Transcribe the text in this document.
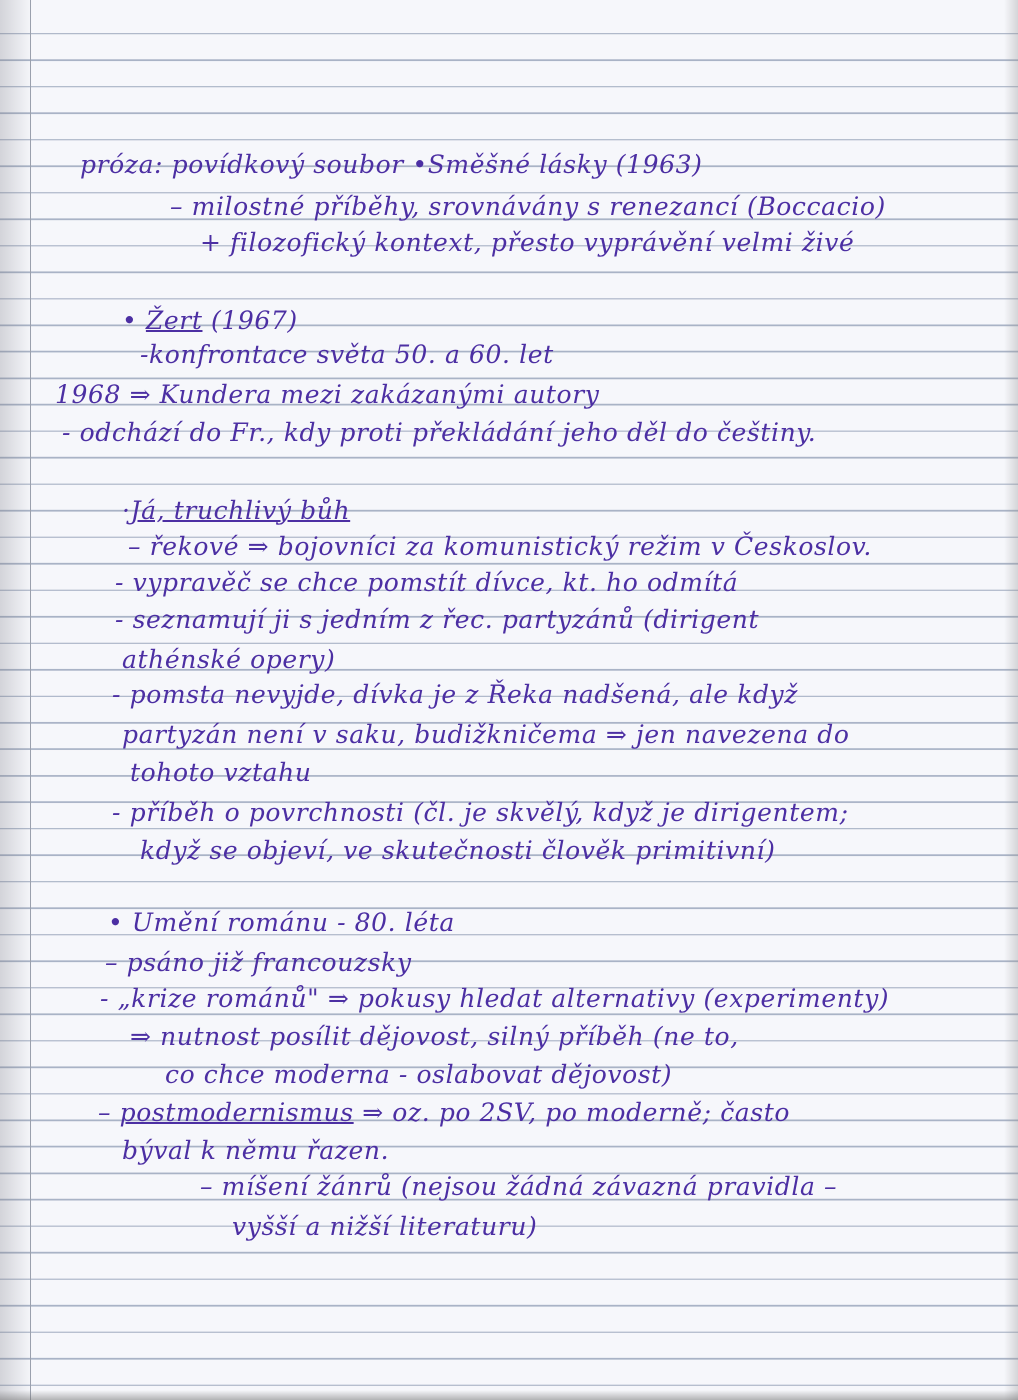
próza: povídkový soubor •Směšné lásky (1963)

– milostné příběhy, srovnávány s renezancí (Boccacio)

+ filozofický kontext, přesto vyprávění velmi živé

• Žert (1967)

-konfrontace světa 50. a 60. let

1968 ⇒ Kundera mezi zakázanými autory

- odchází do Fr., kdy proti překládání jeho děl do češtiny.

·Já, truchlivý bůh

– řekové ⇒ bojovníci za komunistický režim v Českoslov.

- vypravěč se chce pomstít dívce, kt. ho odmítá

- seznamují ji s jedním z řec. partyzánů (dirigent

athénské opery)

- pomsta nevyjde, dívka je z Řeka nadšená, ale když

partyzán není v saku, budižkničema ⇒ jen navezena do

tohoto vztahu

- příběh o povrchnosti (čl. je skvělý, když je dirigentem;

když se objeví, ve skutečnosti člověk primitivní)

• Umění románu - 80. léta

– psáno již francouzsky

- „krize románů" ⇒ pokusy hledat alternativy (experimenty)

⇒ nutnost posílit dějovost, silný příběh (ne to,

co chce moderna - oslabovat dějovost)

– postmodernismus ⇒ oz. po 2SV, po moderně; často

býval k němu řazen.

– míšení žánrů (nejsou žádná závazná pravidla –

vyšší a nižší literaturu)
